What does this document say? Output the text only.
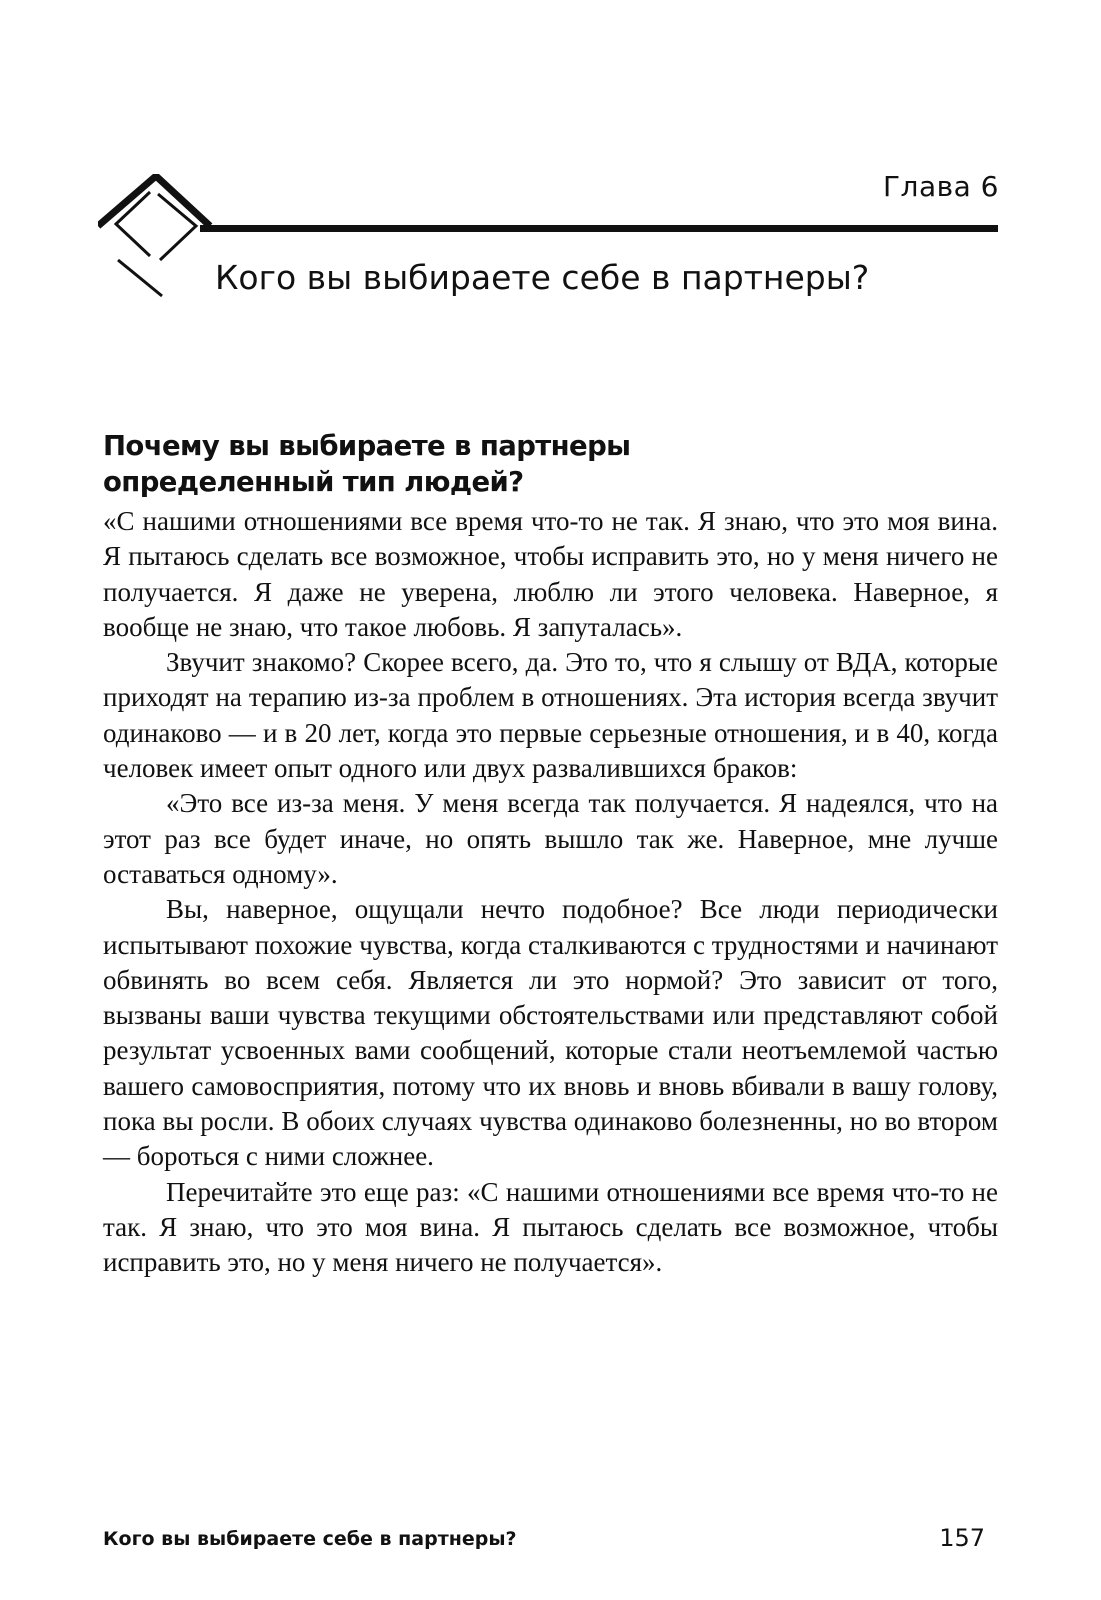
Глава 6
Кого вы выбираете себе в партнеры?
Почему вы выбираете в партнеры
определенный тип людей?

«С нашими отношениями все время что-то не так. Я знаю, что это моя вина. Я пытаюсь сделать все возможное, чтобы исправить это, но у меня ничего не получается. Я даже не уверена, люблю ли этого человека. Наверное, я вообще не знаю, что такое любовь. Я запуталась».

Звучит знакомо? Скорее всего, да. Это то, что я слышу от ВДА, которые приходят на терапию из-за проблем в отношениях. Эта история всегда звучит одинаково — и в 20 лет, когда это первые серьезные отношения, и в 40, когда человек имеет опыт одного или двух развалившихся браков:

«Это все из-за меня. У меня всегда так получается. Я надеялся, что на этот раз все будет иначе, но опять вышло так же. Наверное, мне лучше оставаться одному».

Вы, наверное, ощущали нечто подобное? Все люди периодически испытывают похожие чувства, когда сталкиваются с трудностями и начинают обвинять во всем себя. Является ли это нормой? Это зависит от того, вызваны ваши чувства текущими обстоятельствами или представляют собой результат усвоенных вами сообщений, которые стали неотъемлемой частью вашего самовосприятия, потому что их вновь и вновь вбивали в вашу голову, пока вы росли. В обоих случаях чувства одинаково болезненны, но во втором — бороться с ними сложнее.

Перечитайте это еще раз: «С нашими отношениями все время что-то не так. Я знаю, что это моя вина. Я пытаюсь сделать все возможное, чтобы исправить это, но у меня ничего не получается».

Кого вы выбираете себе в партнеры?	157
